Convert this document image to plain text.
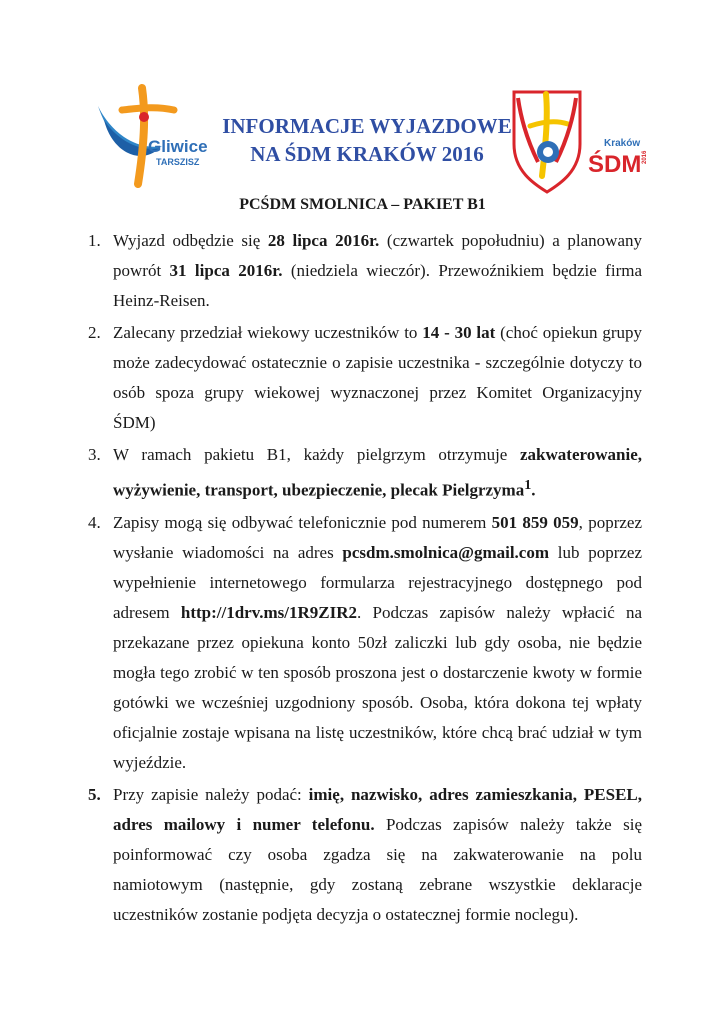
Gliwice
TARSZISZ
INFORMACJE WYJAZDOWE
NA ŚDM KRAKÓW 2016	Kraków
ŚDM 2016
PCŚDM SMOLNICA – PAKIET B1
1. Wyjazd odbędzie się 28 lipca 2016r. (czwartek popołudniu) a planowany powrót 31 lipca 2016r. (niedziela wieczór). Przewoźnikiem będzie firma Heinz-Reisen.
2. Zalecany przedział wiekowy uczestników to 14 - 30 lat (choć opiekun grupy może zadecydować ostatecznie o zapisie uczestnika - szczególnie dotyczy to osób spoza grupy wiekowej wyznaczonej przez Komitet Organizacyjny ŚDM)
3. W ramach pakietu B1, każdy pielgrzym otrzymuje zakwaterowanie, wyżywienie, transport, ubezpieczenie, plecak Pielgrzyma$^1$.
4. Zapisy mogą się odbywać telefonicznie pod numerem 501 859 059, poprzez wysłanie wiadomości na adres pcsdm.smolnica@gmail.com lub poprzez wypełnienie internetowego formularza rejestracyjnego dostępnego pod adresem http://1drv.ms/1R9ZIR2. Podczas zapisów należy wpłacić na przekazane przez opiekuna konto 50zł zaliczki lub gdy osoba, nie będzie mogła tego zrobić w ten sposób proszona jest o dostarczenie kwoty w formie gotówki we wcześniej uzgodniony sposób. Osoba, która dokona tej wpłaty oficjalnie zostaje wpisana na listę uczestników, które chcą brać udział w tym wyjeździe.
5. Przy zapisie należy podać: imię, nazwisko, adres zamieszkania, PESEL, adres mailowy i numer telefonu. Podczas zapisów należy także się poinformować czy osoba zgadza się na zakwaterowanie na polu namiotowym (następnie, gdy zostaną zebrane wszystkie deklaracje uczestników zostanie podjęta decyzja o ostatecznej formie noclegu).
